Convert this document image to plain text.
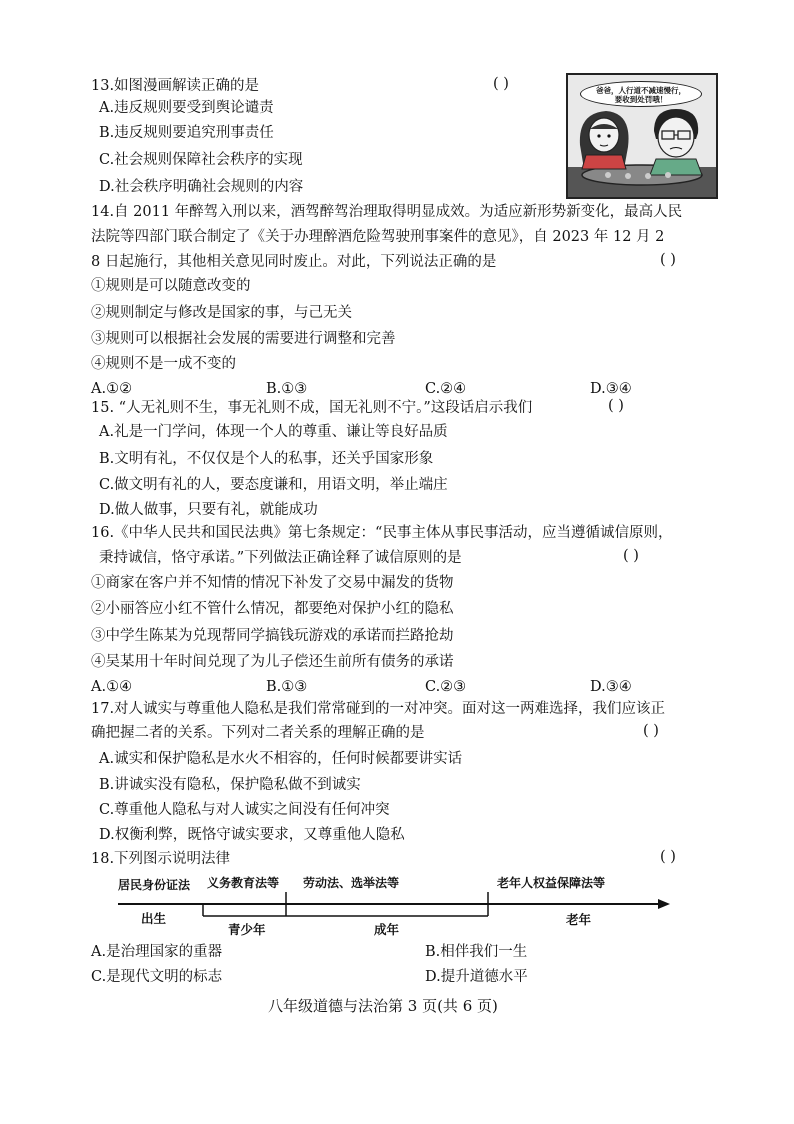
13.如图漫画解读正确的是	( )
A.违反规则要受到舆论谴责
B.违反规则要追究刑事责任
C.社会规则保障社会秩序的实现
D.社会秩序明确社会规则的内容
爸爸，人行道不减速慢行，
要收到处罚哦！
14.自 2011 年醉驾入刑以来，酒驾醉驾治理取得明显成效。为适应新形势新变化，最高人民
法院等四部门联合制定了《关于办理醉酒危险驾驶刑事案件的意见》，自 2023 年 12 月 2
8 日起施行，其他相关意见同时废止。对此，下列说法正确的是	( )
①规则是可以随意改变的
②规则制定与修改是国家的事，与己无关
③规则可以根据社会发展的需要进行调整和完善
④规则不是一成不变的
A.①②	B.①③	C.②④	D.③④
15. “人无礼则不生，事无礼则不成，国无礼则不宁。”这段话启示我们	( )
A.礼是一门学问，体现一个人的尊重、谦让等良好品质
B.文明有礼，不仅仅是个人的私事，还关乎国家形象
C.做文明有礼的人，要态度谦和，用语文明，举止端庄
D.做人做事，只要有礼，就能成功
16.《中华人民共和国民法典》第七条规定：“民事主体从事民事活动，应当遵循诚信原则，
秉持诚信，恪守承诺。”下列做法正确诠释了诚信原则的是	( )
①商家在客户并不知情的情况下补发了交易中漏发的货物
②小丽答应小红不管什么情况，都要绝对保护小红的隐私
③中学生陈某为兑现帮同学搞钱玩游戏的承诺而拦路抢劫
④吴某用十年时间兑现了为儿子偿还生前所有债务的承诺
A.①④	B.①③	C.②③	D.③④
17.对人诚实与尊重他人隐私是我们常常碰到的一对冲突。面对这一两难选择，我们应该正
确把握二者的关系。下列对二者关系的理解正确的是	( )
A.诚实和保护隐私是水火不相容的，任何时候都要讲实话
B.讲诚实没有隐私，保护隐私做不到诚实
C.尊重他人隐私与对人诚实之间没有任何冲突
D.权衡利弊，既恪守诚实要求，又尊重他人隐私
18.下列图示说明法律	( )
居民身份证法 义务教育法等 劳动法、选举法等	老年人权益保障法等
出生
青少年	成年
老年
A.是治理国家的重器	B.相伴我们一生
C.是现代文明的标志	D.提升道德水平
八年级道德与法治第 3 页(共 6 页)
